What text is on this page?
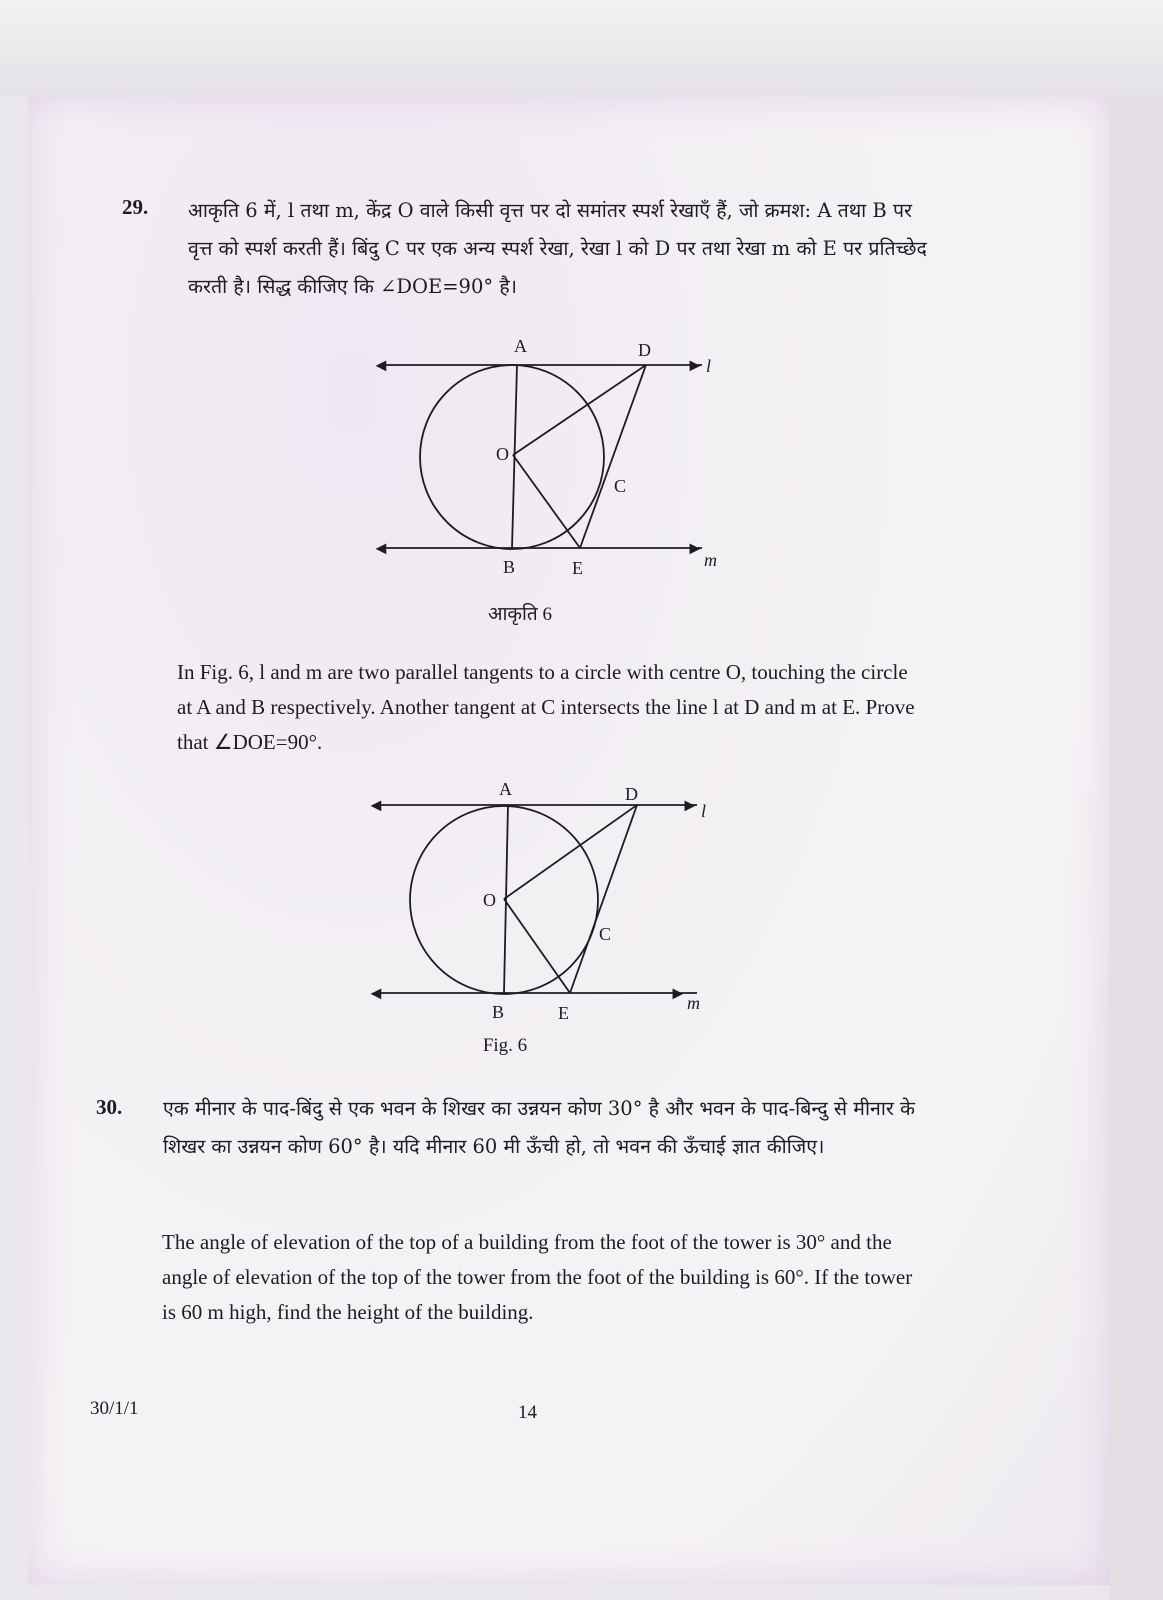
29. आकृति 6 में, l तथा m, केंद्र O वाले किसी वृत्त पर दो समांतर स्पर्श रेखाएँ हैं, जो क्रमश: A तथा B पर वृत्त को स्पर्श करती हैं। बिंदु C पर एक अन्य स्पर्श रेखा, रेखा l को D पर तथा रेखा m को E पर प्रतिच्छेद करती है। सिद्ध कीजिए कि ∠DOE=90° है।
A	D
l
O
C
B	E	m
◄	►
◄	►
आकृति 6
In Fig. 6, l and m are two parallel tangents to a circle with centre O, touching the circle at A and B respectively. Another tangent at C intersects the line l at D and m at E. Prove that ∠DOE=90°.
A	D
l
O
C
B	E	m
◄	►
◄	►
Fig. 6
30. एक मीनार के पाद-बिंदु से एक भवन के शिखर का उन्नयन कोण 30° है और भवन के पाद-बिन्दु से मीनार के शिखर का उन्नयन कोण 60° है। यदि मीनार 60 मी ऊँची हो, तो भवन की ऊँचाई ज्ञात कीजिए।
The angle of elevation of the top of a building from the foot of the tower is 30° and the angle of elevation of the top of the tower from the foot of the building is 60°. If the tower is 60 m high, find the height of the building.
30/1/1	14
